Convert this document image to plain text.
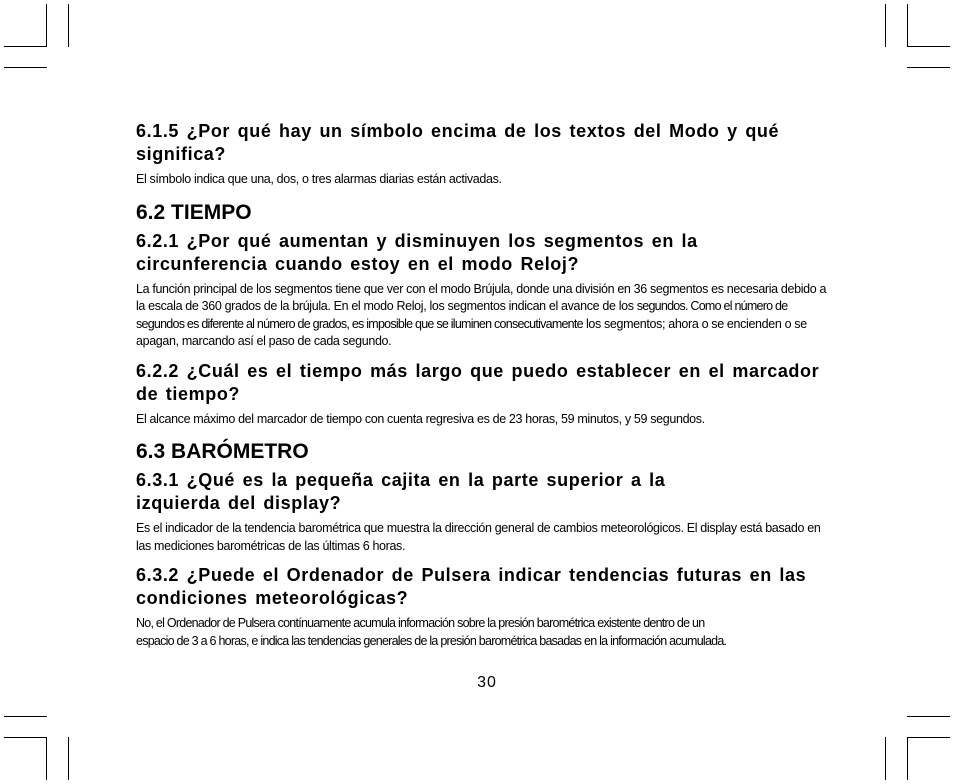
6.1.5 ¿Por qué hay un símbolo encima de los textos del Modo y qué significa?

El símbolo indica que una, dos, o tres alarmas diarias están activadas.

6.2 TIEMPO
6.2.1 ¿Por qué aumentan y disminuyen los segmentos en la
circunferencia cuando estoy en el modo Reloj?

La función principal de los segmentos tiene que ver con el modo Brújula, donde una división en 36 segmentos es necesaria debido a la escala de 360 grados de la brújula. En el modo Reloj, los segmentos indican el avance de los segundos. Como el número de segundos es diferente al número de grados, es imposible que se iluminen consecutivamente los segmentos; ahora o se encienden o se apagan, marcando así el paso de cada segundo.

6.2.2 ¿Cuál es el tiempo más largo que puedo establecer en el marcador de tiempo?

El alcance máximo del marcador de tiempo con cuenta regresiva es de 23 horas, 59 minutos, y 59 segundos.

6.3 BARÓMETRO
6.3.1 ¿Qué es la pequeña cajita en la parte superior a la
izquierda del display?

Es el indicador de la tendencia barométrica que muestra la dirección general de cambios meteorológicos. El display está basado en las mediciones barométricas de las últimas 6 horas.

6.3.2 ¿Puede el Ordenador de Pulsera indicar tendencias futuras en las condiciones meteorológicas?

No, el Ordenador de Pulsera contínuamente acumula información sobre la presión barométrica existente dentro de un
espacio de 3 a 6 horas, e indica las tendencias generales de la presión barométrica basadas en la información acumulada.

30
